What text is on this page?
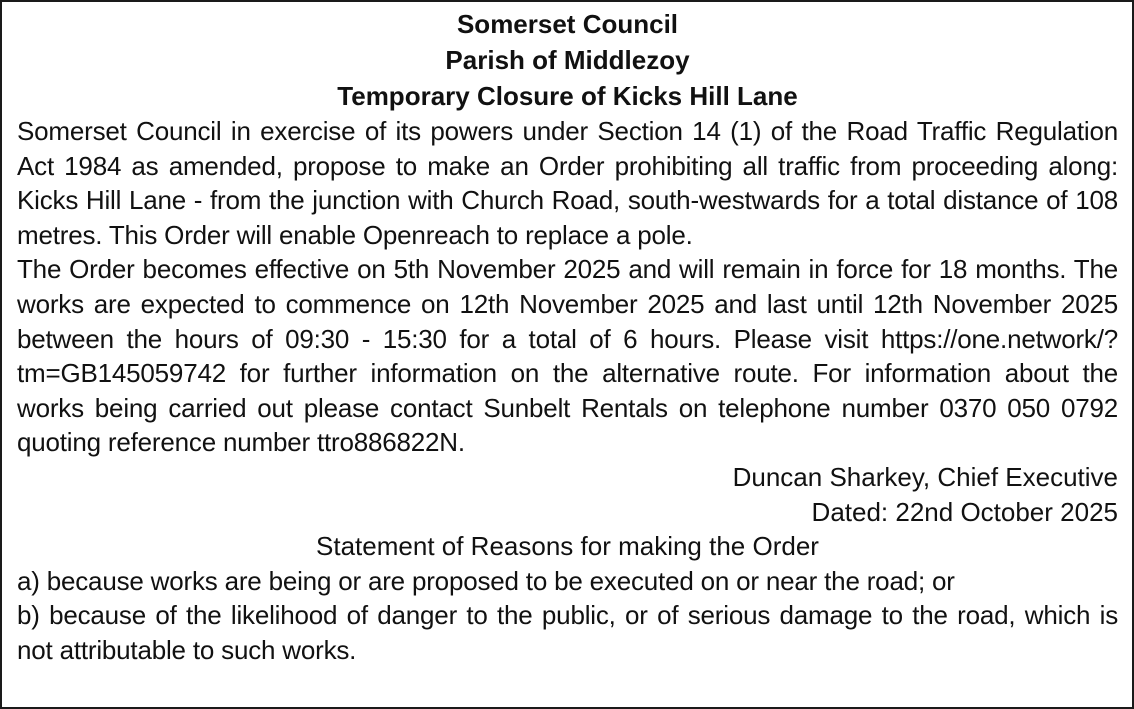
Somerset Council
Parish of Middlezoy
Temporary Closure of Kicks Hill Lane

Somerset Council in exercise of its powers under Section 14 (1) of the Road Traffic Regulation Act 1984 as amended, propose to make an Order prohibiting all traffic from proceeding along: Kicks Hill Lane - from the junction with Church Road, south-westwards for a total distance of 108 metres. This Order will enable Openreach to replace a pole.

The Order becomes effective on 5th November 2025 and will remain in force for 18 months. The works are expected to commence on 12th November 2025 and last until 12th November 2025 between the hours of 09:30 - 15:30 for a total of 6 hours. Please visit https://one.network/?tm=GB145059742 for further information on the alternative route. For information about the works being carried out please contact Sunbelt Rentals on telephone number 0370 050 0792 quoting reference number ttro886822N.

Duncan Sharkey, Chief Executive

Dated: 22nd October 2025

Statement of Reasons for making the Order

a) because works are being or are proposed to be executed on or near the road; or

b) because of the likelihood of danger to the public, or of serious damage to the road, which is not attributable to such works.
